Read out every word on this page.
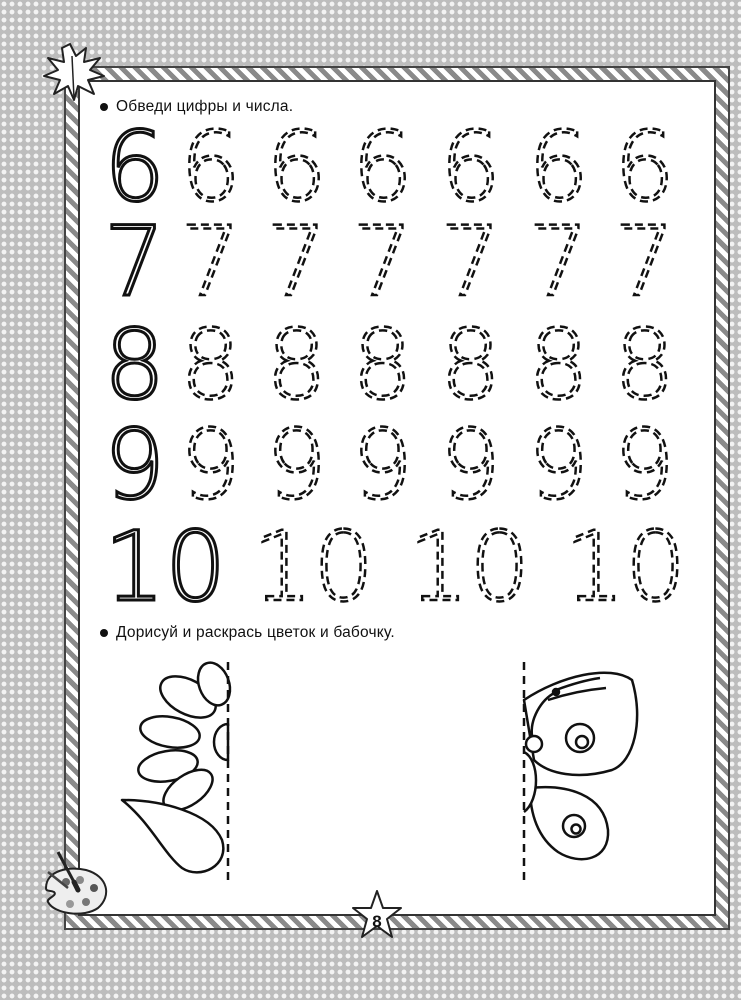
Обведи цифры и числа.
6 6 6 6 6 6 6
7 7 7 7 7 7 7
8 8 8 8 8 8 8
9 9 9 9 9 9 9
10 10 10 10
Дорисуй и раскрась цветок и бабочку.
8
